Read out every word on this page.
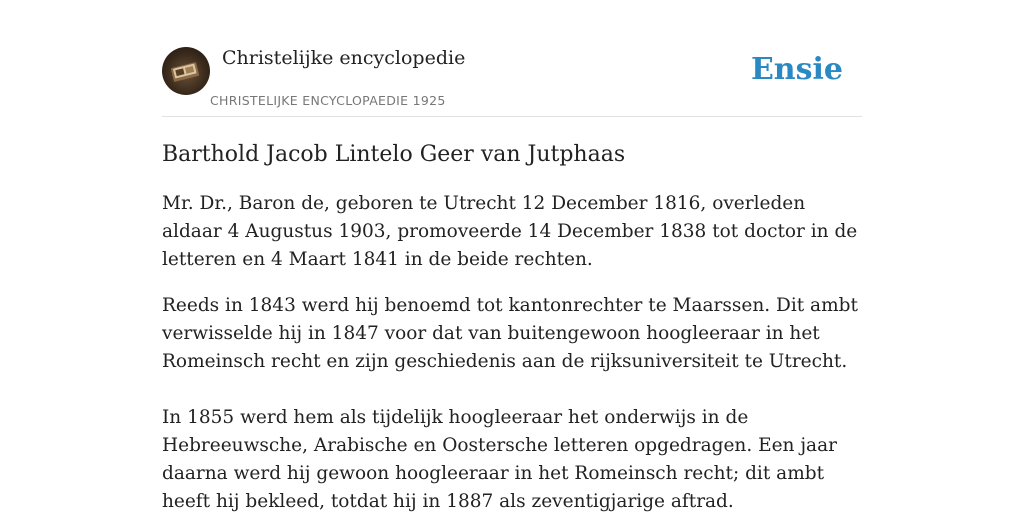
Christelijke encyclopedie
CHRISTELIJKE ENCYCLOPAEDIE 1925
Ensie
Barthold Jacob Lintelo Geer van Jutphaas

Mr. Dr., Baron de, geboren te Utrecht 12 December 1816, overleden aldaar 4 Augustus 1903, promoveerde 14 December 1838 tot doctor in de letteren en 4 Maart 1841 in de beide rechten.

Reeds in 1843 werd hij benoemd tot kantonrechter te Maarssen. Dit ambt verwisselde hij in 1847 voor dat van buitengewoon hoogleeraar in het Romeinsch recht en zijn geschiedenis aan de rijksuniversiteit te Utrecht.

In 1855 werd hem als tijdelijk hoogleeraar het onderwijs in de Hebreeuwsche, Arabische en Oostersche letteren opgedragen. Een jaar daarna werd hij gewoon hoogleeraar in het Romeinsch recht; dit ambt heeft hij bekleed, totdat hij in 1887 als zeventigjarige aftrad.
